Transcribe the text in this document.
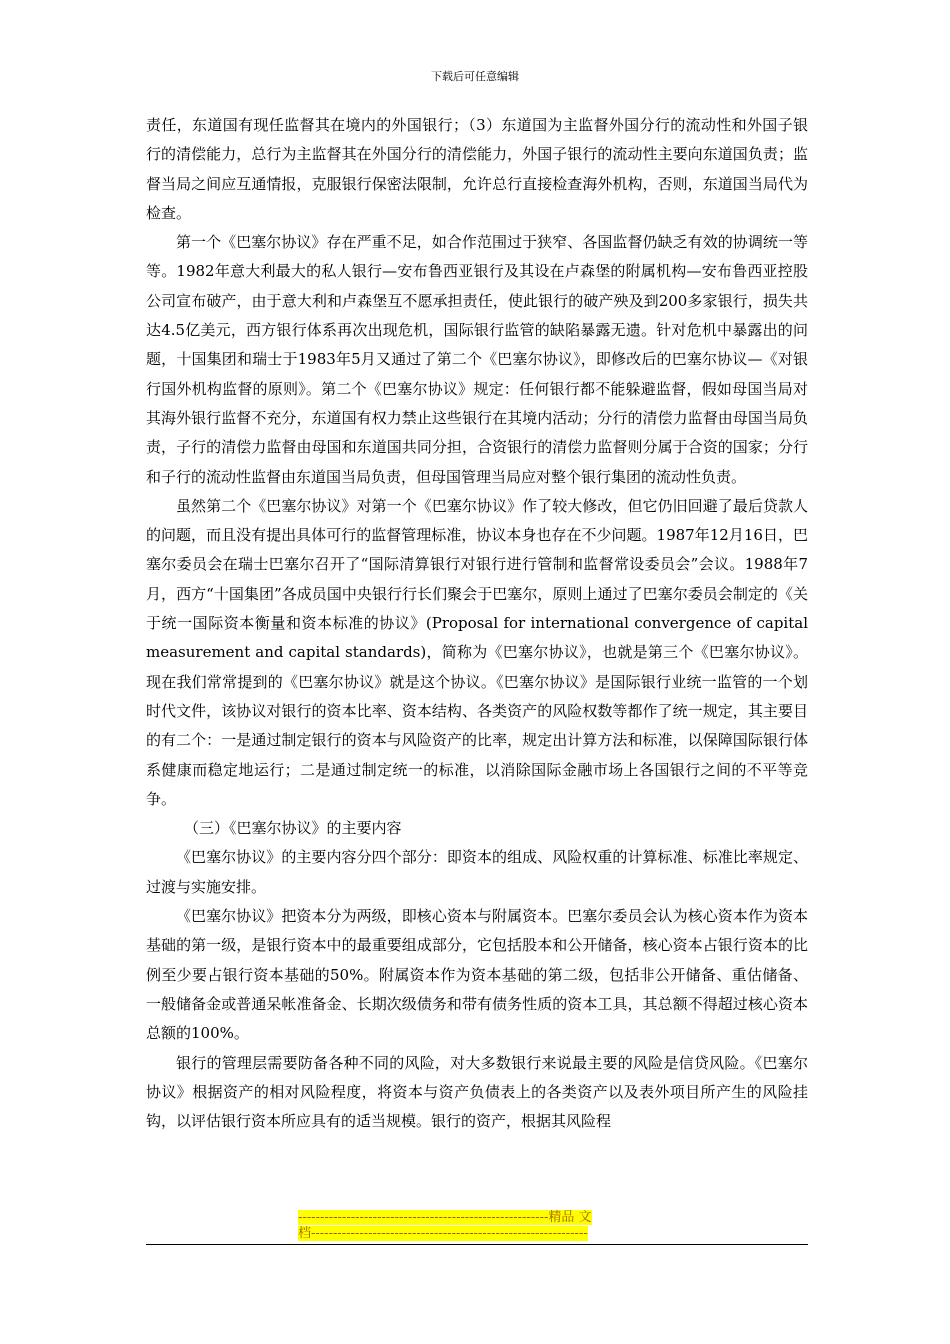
下载后可任意编辑

责任，东道国有现任监督其在境内的外国银行；（3）东道国为主监督外国分行的流动性和外国子银行的清偿能力，总行为主监督其在外国分行的清偿能力，外国子银行的流动性主要向东道国负责；监督当局之间应互通情报，克服银行保密法限制，允许总行直接检查海外机构，否则，东道国当局代为检查。

第一个《巴塞尔协议》存在严重不足，如合作范围过于狭窄、各国监督仍缺乏有效的协调统一等等。1982年意大利最大的私人银行—安布鲁西亚银行及其设在卢森堡的附属机构—安布鲁西亚控股公司宣布破产，由于意大利和卢森堡互不愿承担责任，使此银行的破产殃及到200多家银行，损失共达4.5亿美元，西方银行体系再次出现危机，国际银行监管的缺陷暴露无遗。针对危机中暴露出的问题，十国集团和瑞士于1983年5月又通过了第二个《巴塞尔协议》，即修改后的巴塞尔协议—《对银行国外机构监督的原则》。第二个《巴塞尔协议》规定：任何银行都不能躲避监督，假如母国当局对其海外银行监督不充分，东道国有权力禁止这些银行在其境内活动；分行的清偿力监督由母国当局负责，子行的清偿力监督由母国和东道国共同分担，合资银行的清偿力监督则分属于合资的国家；分行和子行的流动性监督由东道国当局负责，但母国管理当局应对整个银行集团的流动性负责。

虽然第二个《巴塞尔协议》对第一个《巴塞尔协议》作了较大修改，但它仍旧回避了最后贷款人的问题，而且没有提出具体可行的监督管理标准，协议本身也存在不少问题。1987年12月16日，巴塞尔委员会在瑞士巴塞尔召开了“国际清算银行对银行进行管制和监督常设委员会”会议。1988年7月，西方“十国集团”各成员国中央银行行长们聚会于巴塞尔，原则上通过了巴塞尔委员会制定的《关于统一国际资本衡量和资本标准的协议》(Proposal for international convergence of capital measurement and capital standards)，简称为《巴塞尔协议》，也就是第三个《巴塞尔协议》。现在我们常常提到的《巴塞尔协议》就是这个协议。《巴塞尔协议》是国际银行业统一监管的一个划时代文件，该协议对银行的资本比率、资本结构、各类资产的风险权数等都作了统一规定，其主要目的有二个：一是通过制定银行的资本与风险资产的比率，规定出计算方法和标准，以保障国际银行体系健康而稳定地运行；二是通过制定统一的标准，以消除国际金融市场上各国银行之间的不平等竞争。

（三）《巴塞尔协议》的主要内容

《巴塞尔协议》的主要内容分四个部分：即资本的组成、风险权重的计算标准、标准比率规定、过渡与实施安排。

《巴塞尔协议》把资本分为两级，即核心资本与附属资本。巴塞尔委员会认为核心资本作为资本基础的第一级，是银行资本中的最重要组成部分，它包括股本和公开储备，核心资本占银行资本的比例至少要占银行资本基础的50%。附属资本作为资本基础的第二级，包括非公开储备、重估储备、一般储备金或普通呆帐准备金、长期次级债务和带有债务性质的资本工具，其总额不得超过核心资本总额的100%。

银行的管理层需要防备各种不同的风险，对大多数银行来说最主要的风险是信贷风险。《巴塞尔协议》根据资产的相对风险程度，将资本与资产负债表上的各类资产以及表外项目所产生的风险挂钩，以评估银行资本所应具有的适当规模。银行的资产，根据其风险程

---------------------------------------------------------精品 文
档---------------------------------------------------------------
